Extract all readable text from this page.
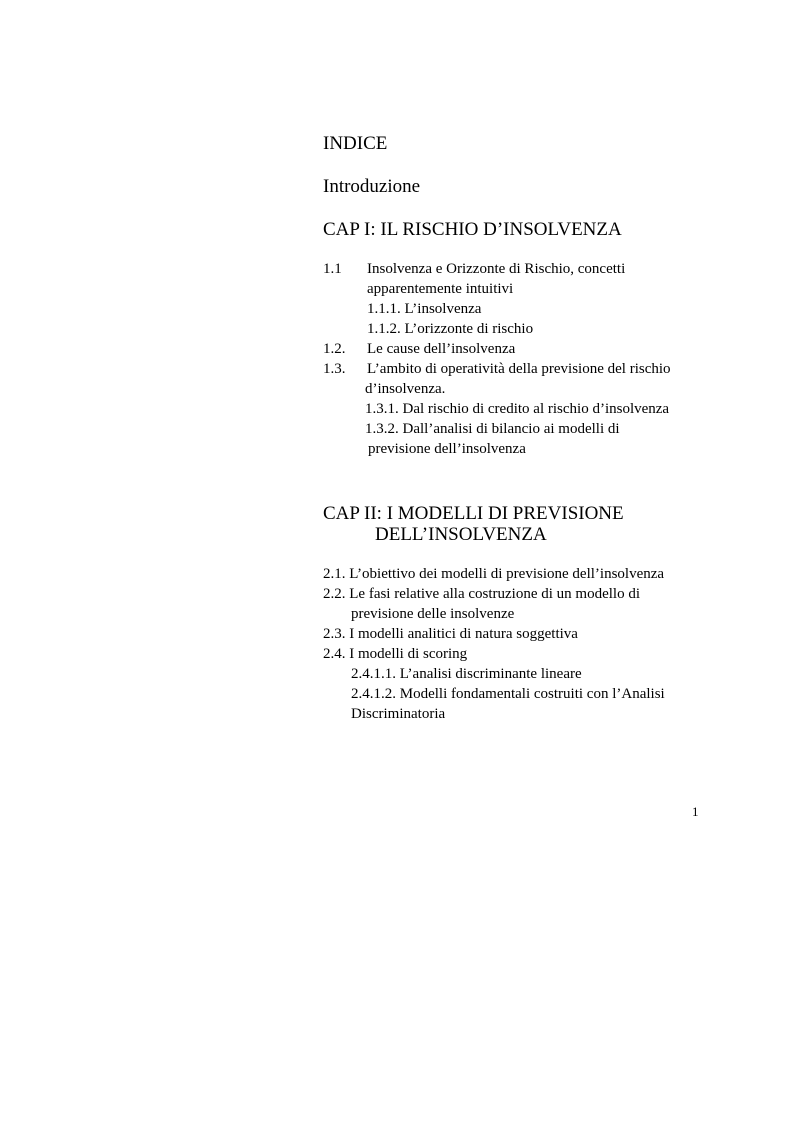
INDICE
Introduzione
CAP I: IL RISCHIO D’INSOLVENZA
1.1 Insolvenza e Orizzonte di Rischio, concetti
apparentemente intuitivi
1.1.1. L’insolvenza
1.1.2. L’orizzonte di rischio
1.2. Le cause dell’insolvenza
1.3. L’ambito di operatività della previsione del rischio
d’insolvenza.
1.3.1. Dal rischio di credito al rischio d’insolvenza
1.3.2. Dall’analisi di bilancio ai modelli di
previsione dell’insolvenza
CAP II: I MODELLI DI PREVISIONE
DELL’INSOLVENZA
2.1. L’obiettivo dei modelli di previsione dell’insolvenza
2.2. Le fasi relative alla costruzione di un modello di
previsione delle insolvenze
2.3. I modelli analitici di natura soggettiva
2.4. I modelli di scoring
2.4.1.1. L’analisi discriminante lineare
2.4.1.2. Modelli fondamentali costruiti con l’Analisi
Discriminatoria
1
